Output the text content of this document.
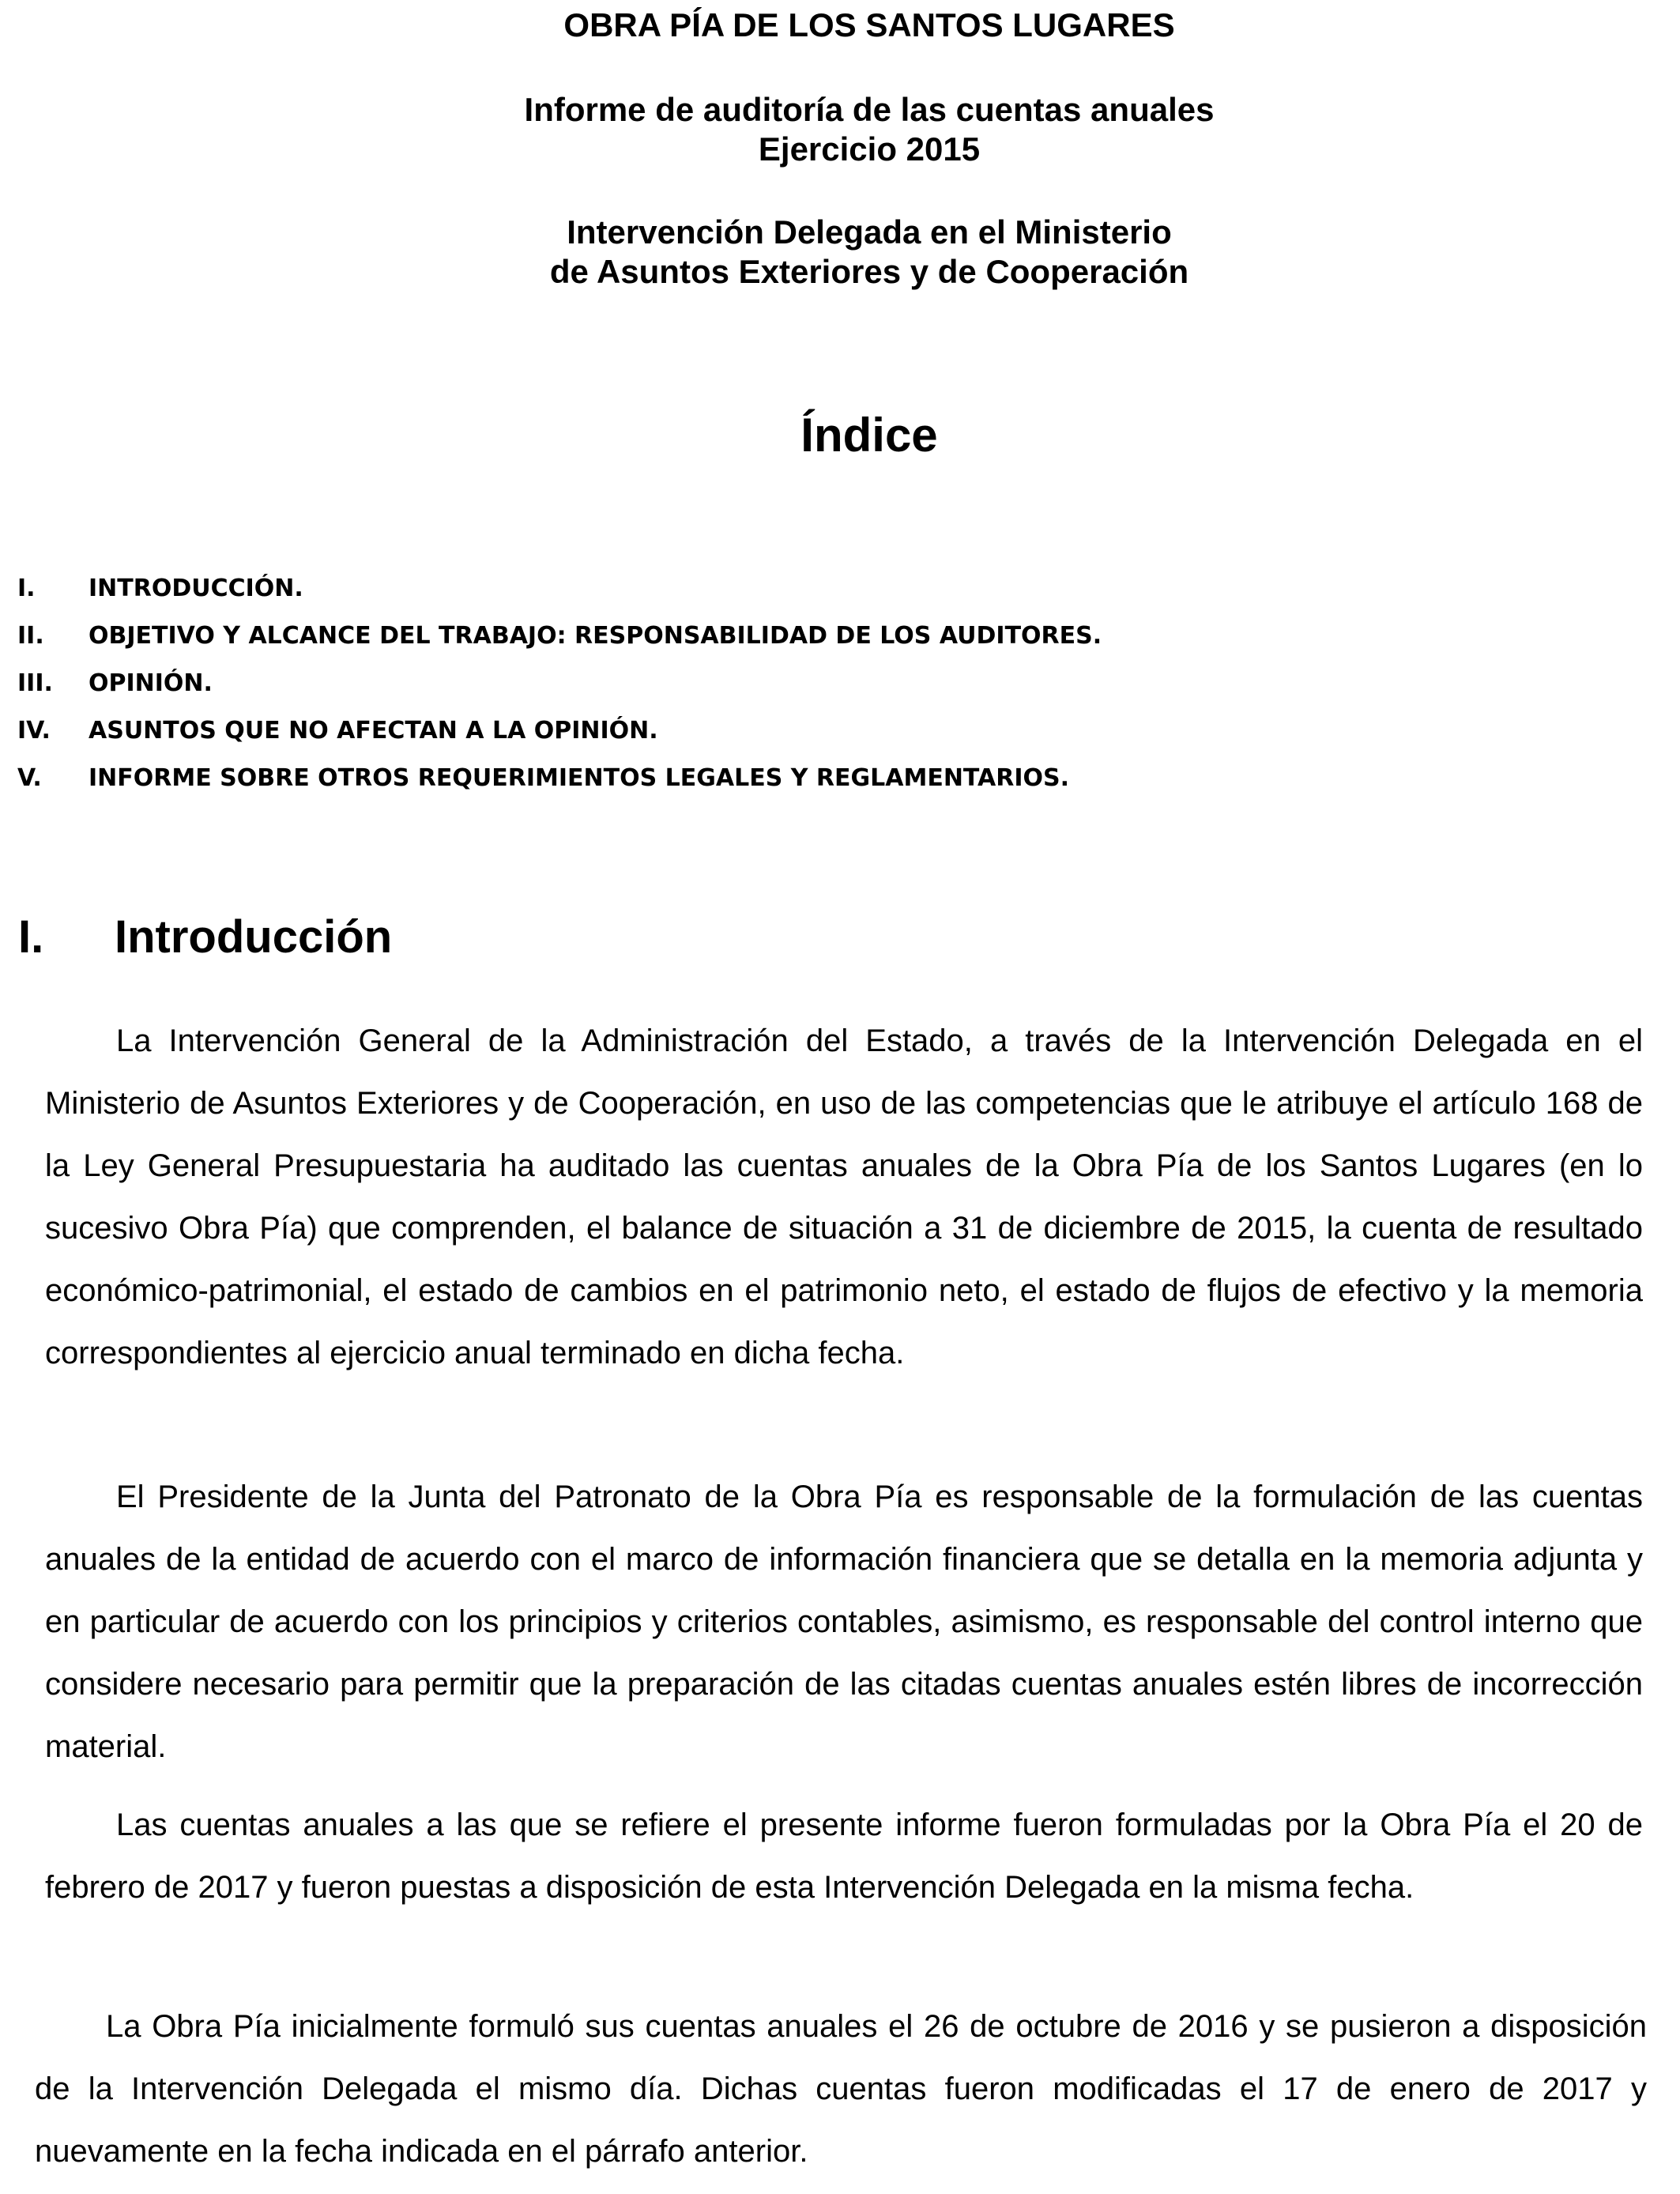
OBRA PÍA DE LOS SANTOS LUGARES
Informe de auditoría de las cuentas anuales
Ejercicio 2015
Intervención Delegada en el Ministerio
de Asuntos Exteriores y de Cooperación
Índice
I. INTRODUCCIÓN.
II. OBJETIVO Y ALCANCE DEL TRABAJO: RESPONSABILIDAD DE LOS AUDITORES.
III. OPINIÓN.
IV. ASUNTOS QUE NO AFECTAN A LA OPINIÓN.
V. INFORME SOBRE OTROS REQUERIMIENTOS LEGALES Y REGLAMENTARIOS.
I. Introducción

La Intervención General de la Administración del Estado, a través de la Intervención Delegada en el Ministerio de Asuntos Exteriores y de Cooperación, en uso de las competencias que le atribuye el artículo 168 de la Ley General Presupuestaria ha auditado las cuentas anuales de la Obra Pía de los Santos Lugares (en lo sucesivo Obra Pía) que comprenden, el balance de situación a 31 de diciembre de 2015, la cuenta de resultado económico-patrimonial, el estado de cambios en el patrimonio neto, el estado de flujos de efectivo y la memoria correspondientes al ejercicio anual terminado en dicha fecha.

El Presidente de la Junta del Patronato de la Obra Pía es responsable de la formulación de las cuentas anuales de la entidad de acuerdo con el marco de información financiera que se detalla en la memoria adjunta y en particular de acuerdo con los principios y criterios contables, asimismo, es responsable del control interno que considere necesario para permitir que la preparación de las citadas cuentas anuales estén libres de incorrección material.

Las cuentas anuales a las que se refiere el presente informe fueron formuladas por la Obra Pía el 20 de febrero de 2017 y fueron puestas a disposición de esta Intervención Delegada en la misma fecha.

La Obra Pía inicialmente formuló sus cuentas anuales el 26 de octubre de 2016 y se pusieron a disposición de la Intervención Delegada el mismo día. Dichas cuentas fueron modificadas el 17 de enero de 2017 y nuevamente en la fecha indicada en el párrafo anterior.
